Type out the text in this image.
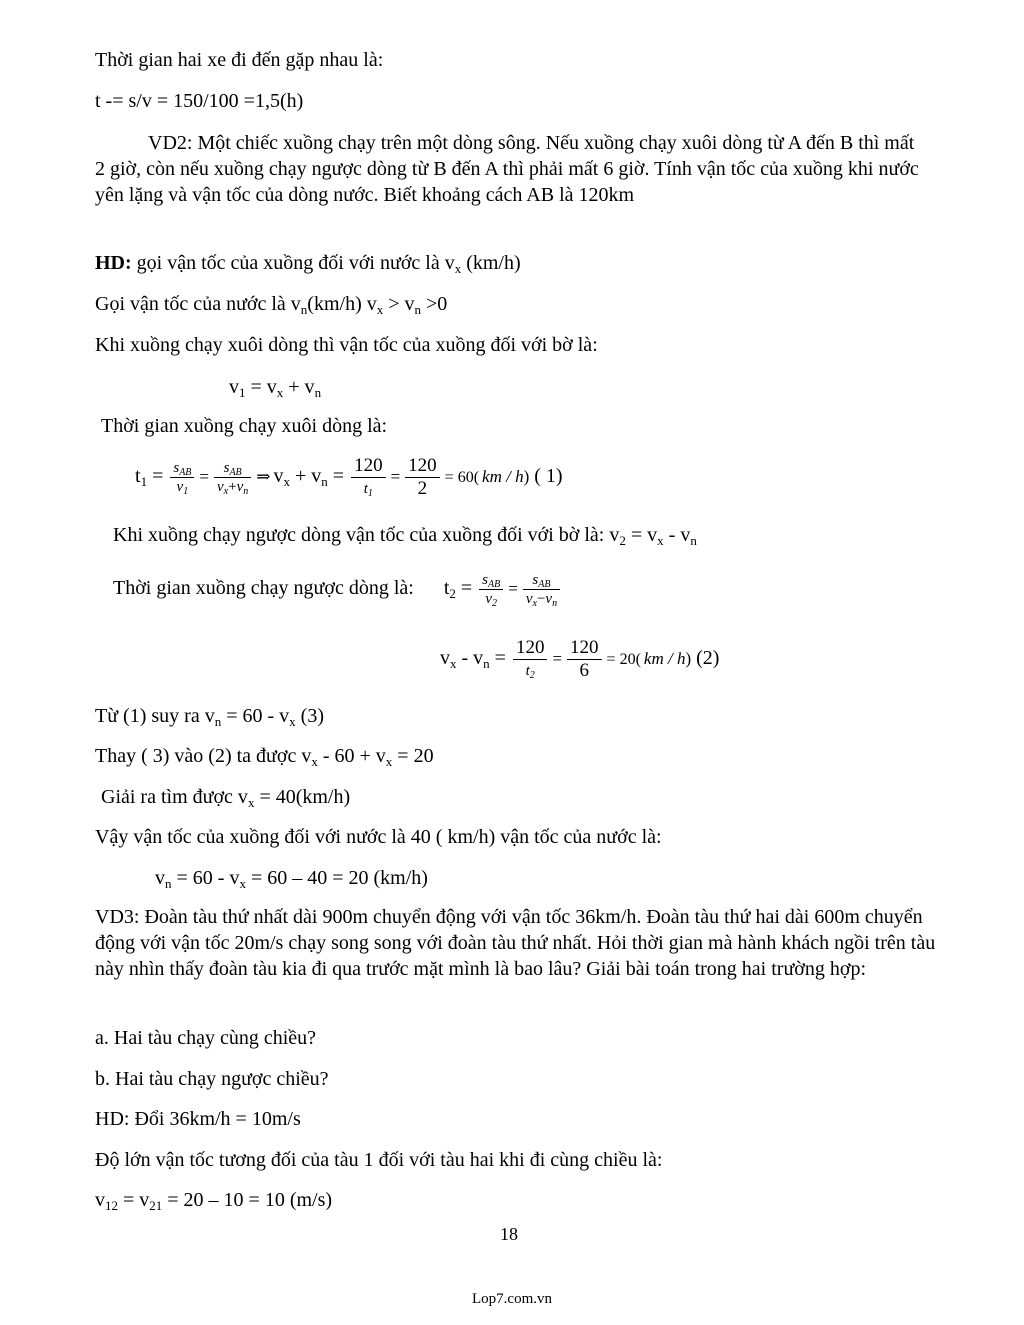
Thời gian hai xe đi đến gặp nhau là:
t -= s/v = 150/100 =1,5(h)
VD2: Một chiếc xuồng chạy trên một dòng sông. Nếu xuồng chạy xuôi dòng từ A đến B thì mất 2 giờ, còn nếu xuồng chạy ngược dòng từ B đến A thì phải mất 6 giờ. Tính vận tốc của xuồng khi nước yên lặng và vận tốc của dòng nước. Biết khoảng cách AB là 120km
HD: gọi vận tốc của xuồng đối với nước là $v_x$ (km/h)
Gọi vận tốc của nước là $v_n(km/h) v_x > v_n >0$
Khi xuồng chạy xuôi dòng thì vận tốc của xuồng đối với bờ là:
$v_1 = v_x + v_n$
Thời gian xuồng chạy xuôi dòng là:
$t_1 = \frac{s_{AB}}{v_1} = \frac{s_{AB}}{v_x+v_n}$ ⇒ $v_x + v_n = \frac{120}{t_1} = \frac{120}{2} = 60$( km / h) ( 1)
Khi xuồng chạy ngược dòng vận tốc của xuồng đối với bờ là: $v_2 = v_x - v_n$
Thời gian xuồng chạy ngược dòng là: $t_2 = \frac{s_{AB}}{v_2} = \frac{s_{AB}}{v_x-v_n}$
$v_x - v_n = \frac{120}{t_2} = \frac{120}{6} = 20$( km / h) (2)
Từ (1) suy ra $v_n = 60 - v_x$ (3)
Thay ( 3) vào (2) ta được $v_x - 60 + v_x = 20$
Giải ra tìm được $v_x = 40(km/h)$
Vậy vận tốc của xuồng đối với nước là 40 ( km/h) vận tốc của nước là:
$v_n = 60 - v_x = 60 - 40 = 20$ (km/h)
VD3: Đoàn tàu thứ nhất dài 900m chuyển động với vận tốc 36km/h. Đoàn tàu thứ hai dài 600m chuyển động với vận tốc 20m/s chạy song song với đoàn tàu thứ nhất. Hỏi thời gian mà hành khách ngồi trên tàu này nhìn thấy đoàn tàu kia đi qua trước mặt mình là bao lâu? Giải bài toán trong hai trường hợp:
a. Hai tàu chạy cùng chiều?
b. Hai tàu chạy ngược chiều?
HD: Đổi 36km/h = 10m/s
Độ lớn vận tốc tương đối của tàu 1 đối với tàu hai khi đi cùng chiều là:
$v_{12} = v_{21} = 20 - 10 = 10$ (m/s)
18
Lop7.com.vn
